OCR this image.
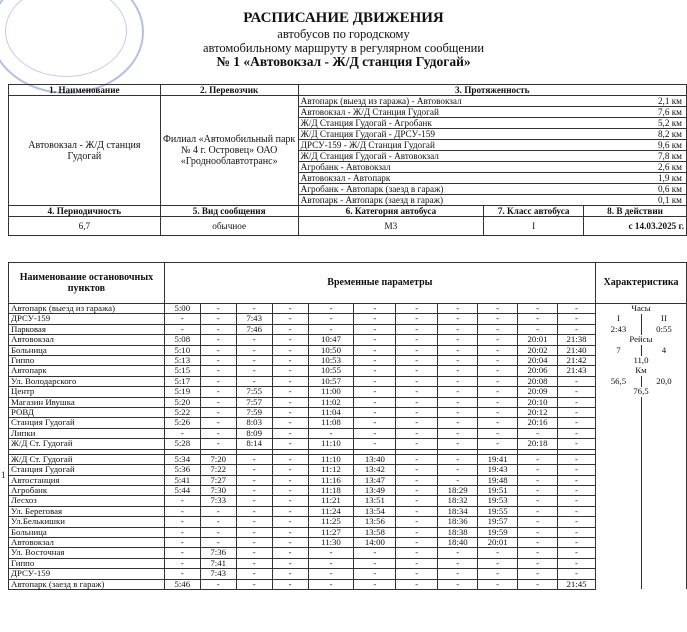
РАСПИСАНИЕ ДВИЖЕНИЯ
автобусов по городскому
автомобильному маршруту в регулярном сообщении
№ 1 «Автовокзал - Ж/Д станция Гудогай»
1. Наименование	2. Перевозчик	3. Протяженность		
Автовокзал - Ж/Д станция Гудогай	Филиал «Автомобильный парк № 4 г. Островец» ОАО «Гроднооблавтотранс»	Автопарк (выезд из гаража) - Автовокзал 2,1 км		

		Автовокзал - Ж/Д Станция Гудогай 7,6 км		

		Ж/Д Станция Гудогай - Агробанк 5,2 км		

		Ж/Д Станция Гудогай - ДРСУ-159 8,2 км		

		ДРСУ-159 - Ж/Д Станция Гудогай 9,6 км		

		Ж/Д Станция Гудогай - Автовокзал 7,8 км		

		Агробанк - Автовокзал 2,6 км		

		Автовокзал - Автопарк 1,9 км		

		Агробанк - Автопарк (заезд в гараж) 0,6 км		

		Автопарк - Автопарк (заезд в гараж) 0,1 км		

4. Периодичность	5. Вид сообщения	6. Категория автобуса	7. Класс автобуса	8. В действии
6,7	обычное	М3	I	с 14.03.2025 г.
Наименование остановочных пунктов	Временные параметры											Характеристика	
Автопарк (выезд из гаража)	5:00	-	-	-	-	-	-	-	-	-	-	Часы	
ДРСУ-159	-	-	7:43	-	-	-	-	-	-	-	-	I	II
Парковая	-	-	7:46	-	-	-	-	-	-	-	-	2:43	0:55
Автовокзал	5:08	-	-	-	10:47	-	-	-	-	20:01	21:38	Рейсы	
Больница	5:10	-	-	-	10:50	-	-	-	-	20:02	21:40	7	4
Гиппо	5:13	-	-	-	10:53	-	-	-	-	20:04	21:42	11,0	
Автопарк	5:15	-	-	-	10:55	-	-	-	-	20:06	21:43	Км	
Ул. Володарского	5:17	-	-	-	10:57	-	-	-	-	20:08	-	56,5	20,0
Центр	5:19	-	7:55	-	11:00	-	-	-	-	20:09	-	76,5	
Магазин Ивушка	5:20	-	7:57	-	11:02	-	-	-	-	20:10	-		
РОВД	5:22	-	7:59	-	11:04	-	-	-	-	20:12	-		
Станция Гудогай	5:26	-	8:03	-	11:08	-	-	-	-	20:16	-		
Липки	-	-	8:09	-	-	-	-	-	-	-	-		
Ж/Д Ст. Гудогай	5:28	-	8:14	-	11:10	-	-	-	-	20:18	-		

Ж/Д Ст. Гудогай	5:34	7:20	-	-	11:10	13:40	-	-	19:41	-	-		
Станция Гудогай	5:36	7:22	-	-	11:12	13:42	-	-	19:43	-	-		
Автостанция	5:41	7:27	-	-	11:16	13:47	-	-	19:48	-	-		
Агробанк	5:44	7:30	-	-	11:18	13:49	-	18:29	19:51	-	-		
Лесхоз	-	7:33	-	-	11:21	13:51	-	18:32	19:53	-	-		
Ул. Береговая	-	-	-	-	11:24	13:54	-	18:34	19:55	-	-		
Ул.Белькишки	-	-	-	-	11:25	13:56	-	18:36	19:57	-	-		
Больница	-	-	-	-	11:27	13:58	-	18:38	19:59	-	-		
Автовокзал	-	-	-	-	11:30	14:00	-	18:40	20:01	-	-		
Ул. Восточная	-	7:36	-	-	-	-	-	-	-	-	-		
Гиппо	-	7:41	-	-	-	-	-	-	-	-	-		
ДРСУ-159	-	7:43	-	-	-	-	-	-	-	-	-		
Автопарк (заезд в гараж)	5:46	-	-	-	-	-	-	-	-	-	21:45		
1
